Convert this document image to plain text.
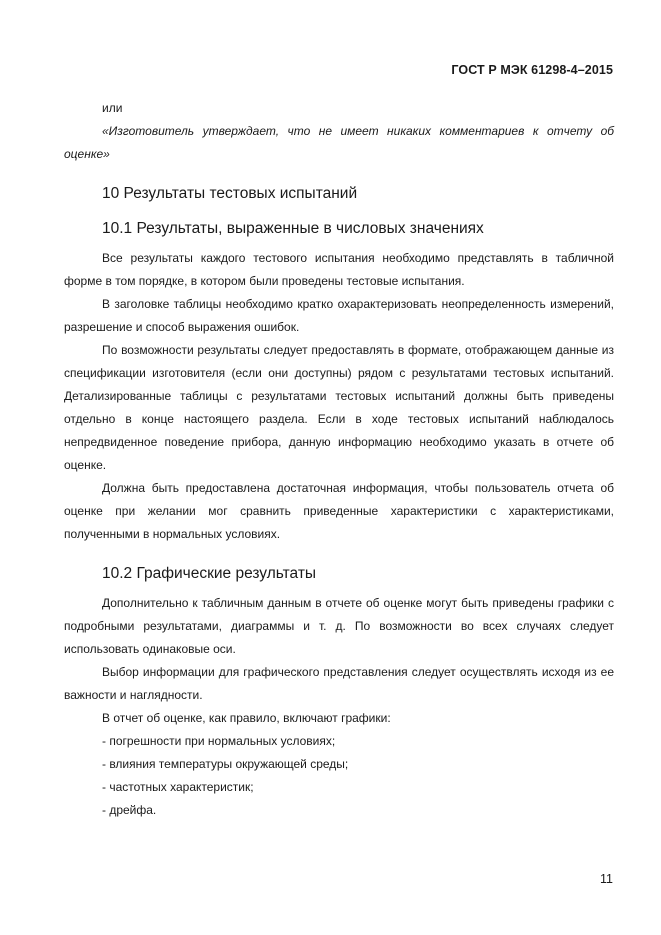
ГОСТ Р МЭК 61298-4–2015

или

«Изготовитель утверждает, что не имеет никаких комментариев к отчету об оценке»

10 Результаты тестовых испытаний
10.1 Результаты, выраженные в числовых значениях

Все результаты каждого тестового испытания необходимо представлять в табличной форме в том порядке, в котором были проведены тестовые испытания.

В заголовке таблицы необходимо кратко охарактеризовать неопределенность измерений, разрешение и способ выражения ошибок.

По возможности результаты следует предоставлять в формате, отображающем данные из спецификации изготовителя (если они доступны) рядом с результатами тестовых испытаний. Детализированные таблицы с результатами тестовых испытаний должны быть приведены отдельно в конце настоящего раздела. Если в ходе тестовых испытаний наблюдалось непредвиденное поведение прибора, данную информацию необходимо указать в отчете об оценке.

Должна быть предоставлена достаточная информация, чтобы пользователь отчета об оценке при желании мог сравнить приведенные характеристики с характеристиками, полученными в нормальных условиях.

10.2 Графические результаты

Дополнительно к табличным данным в отчете об оценке могут быть приведены графики с подробными результатами, диаграммы и т. д. По возможности во всех случаях следует использовать одинаковые оси.

Выбор информации для графического представления следует осуществлять исходя из ее важности и наглядности.

В отчет об оценке, как правило, включают графики:

- погрешности при нормальных условиях;
- влияния температуры окружающей среды;
- частотных характеристик;
- дрейфа.
11
